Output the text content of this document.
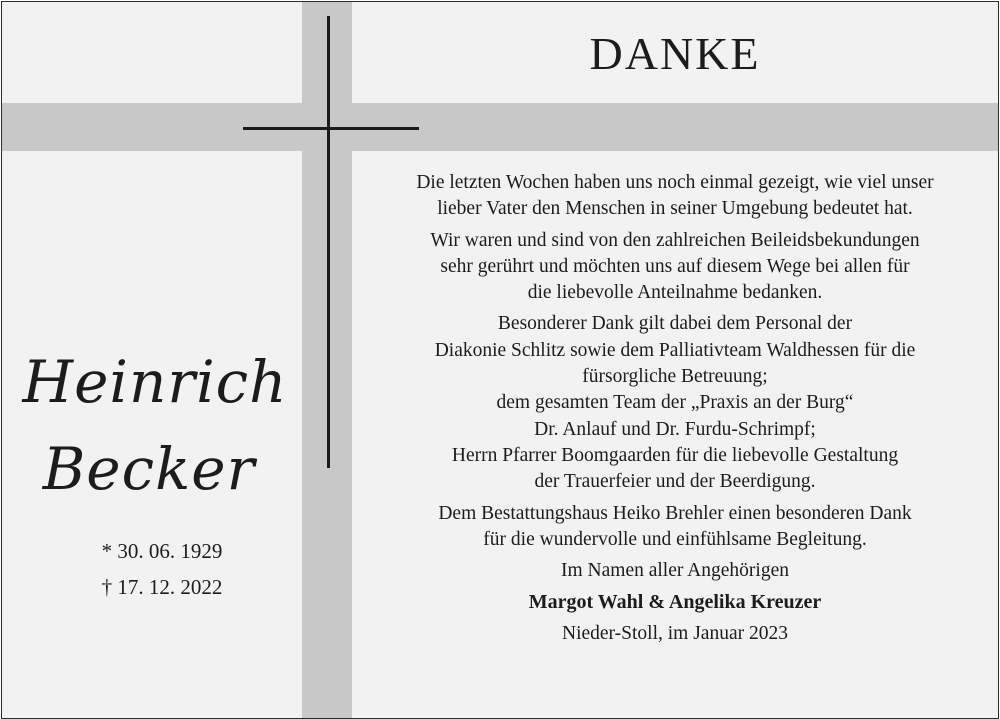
DANKE
Heinrich
Becker
* 30. 06. 1929
† 17. 12. 2022
Die letzten Wochen haben uns noch einmal gezeigt, wie viel unser
lieber Vater den Menschen in seiner Umgebung bedeutet hat.
Wir waren und sind von den zahlreichen Beileidsbekundungen
sehr gerührt und möchten uns auf diesem Wege bei allen für
die liebevolle Anteilnahme bedanken.
Besonderer Dank gilt dabei dem Personal der
Diakonie Schlitz sowie dem Palliativteam Waldhessen für die
fürsorgliche Betreuung;
dem gesamten Team der „Praxis an der Burg“
Dr. Anlauf und Dr. Furdu-Schrimpf;
Herrn Pfarrer Boomgaarden für die liebevolle Gestaltung
der Trauerfeier und der Beerdigung.
Dem Bestattungshaus Heiko Brehler einen besonderen Dank
für die wundervolle und einfühlsame Begleitung.
Im Namen aller Angehörigen
Margot Wahl & Angelika Kreuzer
Nieder-Stoll, im Januar 2023
